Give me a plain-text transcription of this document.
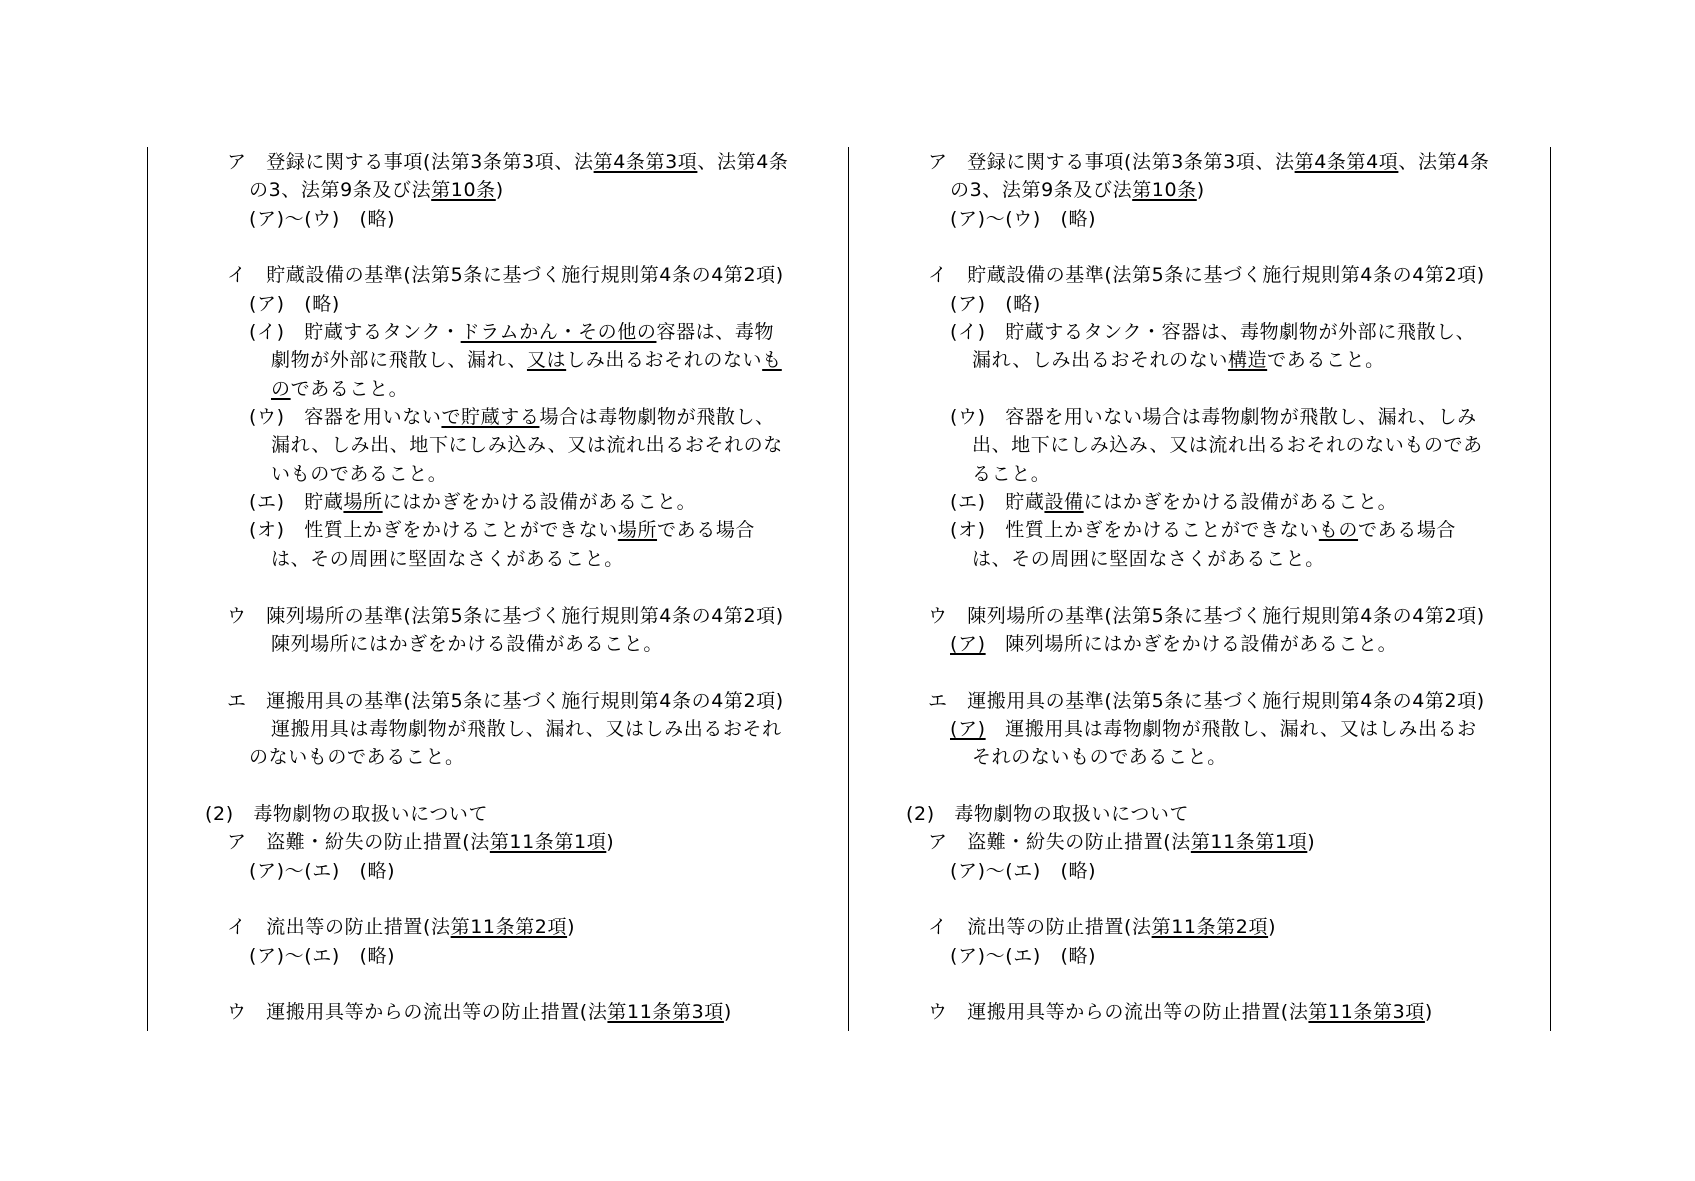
ア　登録に関する事項(法第3条第3項、法第4条第3項、法第4条
の3、法第9条及び法第10条)
(ア)〜(ウ)　(略)
イ　貯蔵設備の基準(法第5条に基づく施行規則第4条の4第2項)
(ア)　(略)
(イ)　貯蔵するタンク・ドラムかん・その他の容器は、毒物
劇物が外部に飛散し、漏れ、又はしみ出るおそれのないも
のであること。
(ウ)　容器を用いないで貯蔵する場合は毒物劇物が飛散し、
漏れ、しみ出、地下にしみ込み、又は流れ出るおそれのな
いものであること。
(エ)　貯蔵場所にはかぎをかける設備があること。
(オ)　性質上かぎをかけることができない場所である場合
は、その周囲に堅固なさくがあること。
ウ　陳列場所の基準(法第5条に基づく施行規則第4条の4第2項)
陳列場所にはかぎをかける設備があること。
エ　運搬用具の基準(法第5条に基づく施行規則第4条の4第2項)
運搬用具は毒物劇物が飛散し、漏れ、又はしみ出るおそれ
のないものであること。
(2)　毒物劇物の取扱いについて
ア　盗難・紛失の防止措置(法第11条第1項)
(ア)〜(エ)　(略)
イ　流出等の防止措置(法第11条第2項)
(ア)〜(エ)　(略)
ウ　運搬用具等からの流出等の防止措置(法第11条第3項)
ア　登録に関する事項(法第3条第3項、法第4条第4項、法第4条
の3、法第9条及び法第10条)
(ア)〜(ウ)　(略)
イ　貯蔵設備の基準(法第5条に基づく施行規則第4条の4第2項)
(ア)　(略)
(イ)　貯蔵するタンク・容器は、毒物劇物が外部に飛散し、
漏れ、しみ出るおそれのない構造であること。
(ウ)　容器を用いない場合は毒物劇物が飛散し、漏れ、しみ
出、地下にしみ込み、又は流れ出るおそれのないものであ
ること。
(エ)　貯蔵設備にはかぎをかける設備があること。
(オ)　性質上かぎをかけることができないものである場合
は、その周囲に堅固なさくがあること。
ウ　陳列場所の基準(法第5条に基づく施行規則第4条の4第2項)
(ア)　陳列場所にはかぎをかける設備があること。
エ　運搬用具の基準(法第5条に基づく施行規則第4条の4第2項)
(ア)　運搬用具は毒物劇物が飛散し、漏れ、又はしみ出るお
それのないものであること。
(2)　毒物劇物の取扱いについて
ア　盗難・紛失の防止措置(法第11条第1項)
(ア)〜(エ)　(略)
イ　流出等の防止措置(法第11条第2項)
(ア)〜(エ)　(略)
ウ　運搬用具等からの流出等の防止措置(法第11条第3項)
